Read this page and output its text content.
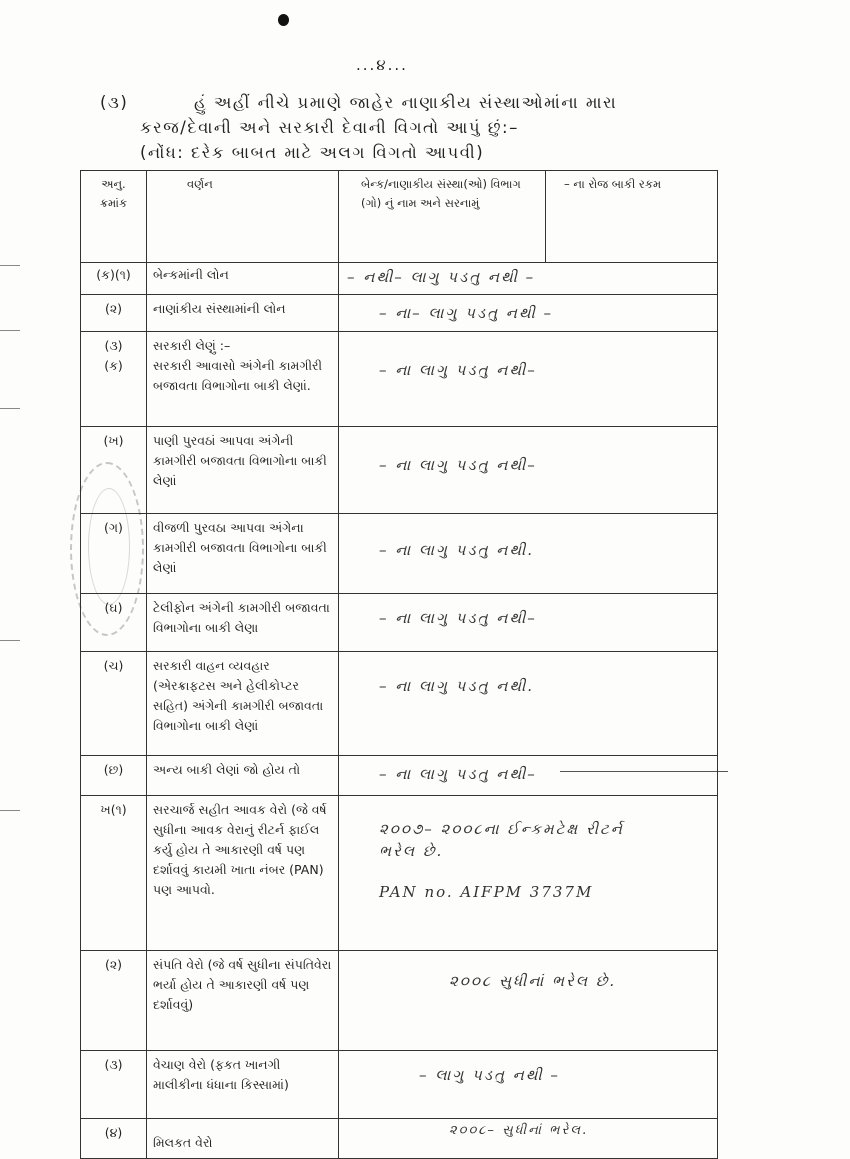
...૪...
(૩)	હું અહીં નીચે પ્રમાણે જાહેર નાણાકીય સંસ્થાઓમાંના મારા
કરજ/દેવાની અને સરકારી દેવાની વિગતો આપું છું:–
(નોંધ: દરેક બાબત માટે અલગ વિગતો આપવી)
અનુ. ક્રમાંક	વર્ણન	બેન્ક/નાણાકીય સંસ્થા(ઓ) વિભાગ (ગો) નું નામ અને સરનામું	– ના રોજ બાકી રકમ
(ક)(૧)	બેન્કમાંની લોન	– નથી– લાગુ પડતુ નથી –	

(૨)	નાણાંકીય સંસ્થામાંની લોન	– ના– લાગુ પડતુ નથી –	

(૩)
(ક)	સરકારી લેણું :–
સરકારી આવાસો અંગેની કામગીરી બજાવતા વિભાગોના બાકી લેણાં.	– ના લાગુ પડતુ નથી–	

(ખ)	પાણી પુરવઠાં આપવા અંગેની કામગીરી બજાવતા વિભાગોના બાકી લેણાં	– ના લાગુ પડતુ નથી–	

(ગ)	વીજળી પુરવઠા આપવા અંગેના કામગીરી બજાવતા વિભાગોના બાકી લેણાં	– ના લાગુ પડતુ નથી.	

(ઘ)	ટેલીફોન અંગેની કામગીરી બજાવતા વિભાગોના બાકી લેણા	– ના લાગુ પડતુ નથી–	

(ચ)	સરકારી વાહન વ્યવહાર (એરક્રાફટસ અને હેલીકોપ્ટર સહિત) અંગેની કામગીરી બજાવતા વિભાગોના બાકી લેણાં	– ના લાગુ પડતુ નથી.	

(છ)	અન્ય બાકી લેણાં જો હોય તો	– ના લાગુ પડતુ નથી–	

ખ(૧)	સરચાર્જ સહીત આવક વેરો (જે વર્ષ સુધીના આવક વેરાનું રીટર્ન ફાઈલ કર્યુ હોય તે આકારણી વર્ષ પણ દર્શાવવું કાયમી ખાતા નંબર (PAN) પણ આપવો.	૨૦૦૭– ૨૦૦૮ના ઈન્કમટેક્ષ રીટર્ન ભરેલ છે.
PAN no. AIFPM 3737M	

(૨)	સંપતિ વેરો (જે વર્ષ સુધીના સંપતિવેરા ભર્યા હોય તે આકારણી વર્ષ પણ દર્શાવવું)	૨૦૦૮ સુધીનાં ભરેલ છે.	

(૩)	વેચાણ વેરો (ફકત ખાનગી માલીકીના ધંધાના કિસ્સામાં)	– લાગુ પડતુ નથી –	

(૪)	મિલકત વેરો	૨૦૦૮– સુધીનાં ભરેલ.	
